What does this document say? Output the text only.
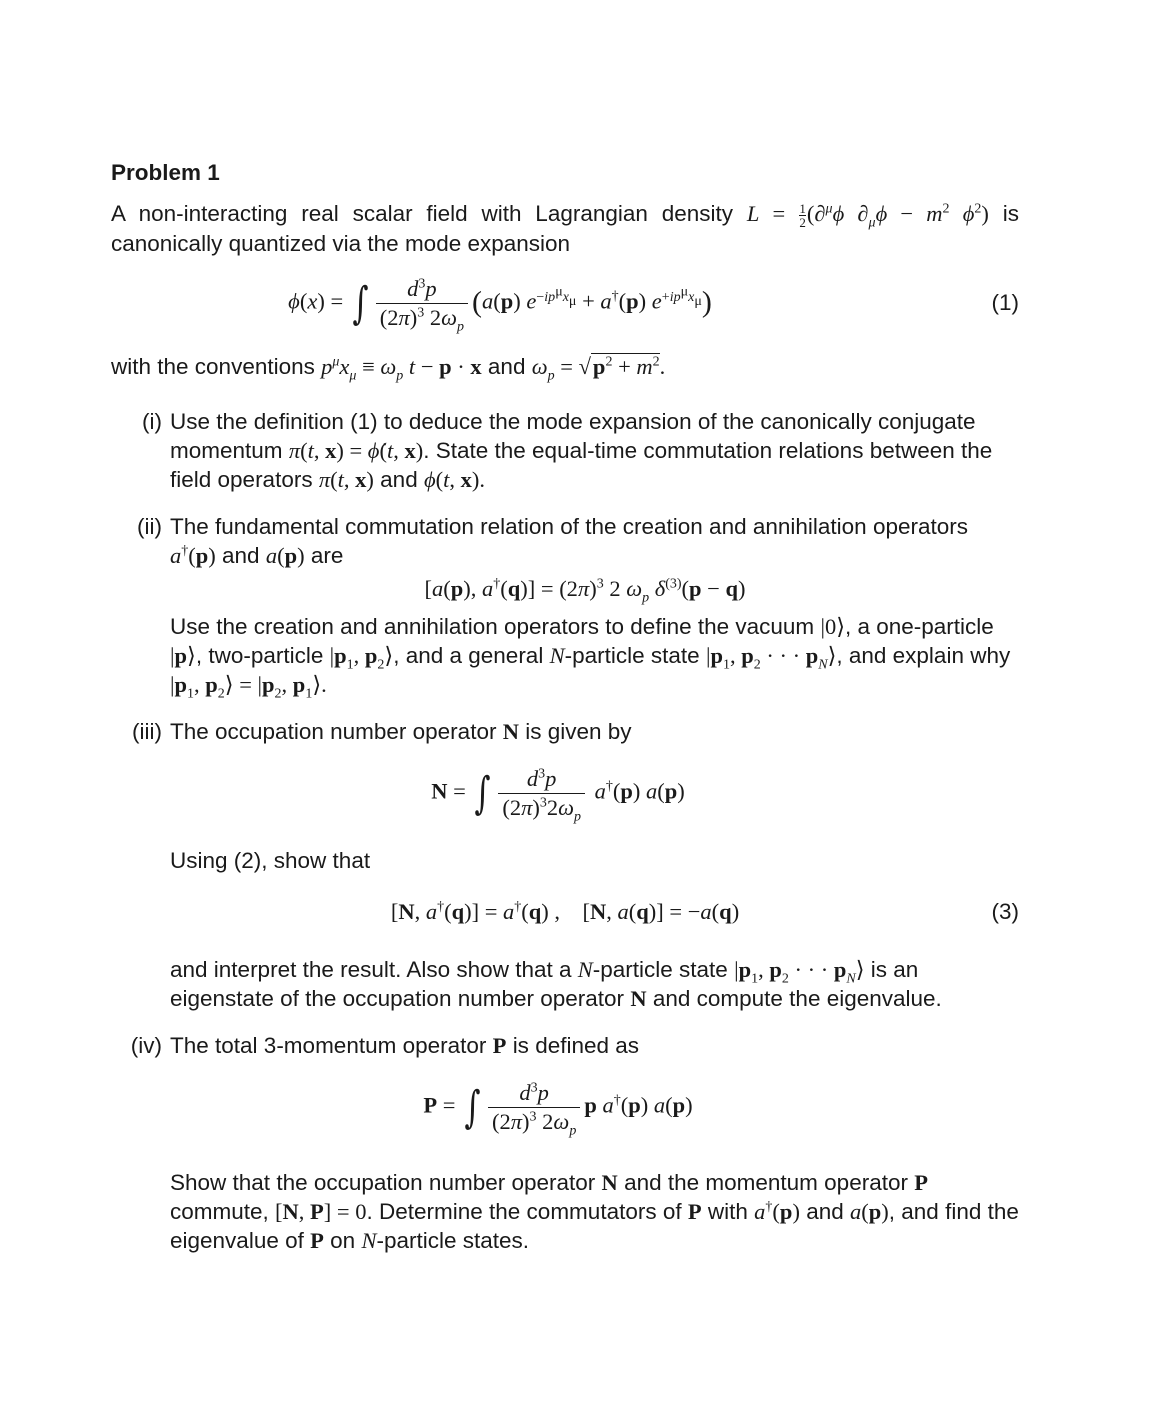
Problem 1

A non-interacting real scalar field with Lagrangian density $L = \frac{1}{2} (\partial^\mu\phi$ $\partial_\mu\phi - m^2$ $\phi^2$) is canonically quantized via the mode expansion

ϕ(x) = ∫ $\frac{d^3p}{(2\pi)^3 2\omega_p} (a(p) e^{-ip^\mu x_\mu} + a^\dagger(p)$ $e^{+ip^\mu x_\mu}$)	(1)

with the conventions $p^\mu x_\mu \equiv \omega_p$ t − p · x and $\omega_p = √p^2 + m^2$.

(i) Use the definition (1) to deduce the mode expansion of the canonically conjugate momentum π(t, x) = ϕ̇(t, x). State the equal-time commutation relations between the field operators π(t, x) and ϕ(t, x).

(ii) The fundamental commutation relation of the creation and annihilation operators a†(p) and a(p) are

[a(p), $a^\dagger(q)] = (2\pi)^3$ 2 $\omega_p$ $\delta^{(3)}(p - q)$

Use the creation and annihilation operators to define the vacuum |0⟩, a one-particle |p⟩, two-particle $|p_1$, $p_2⟩$, and a general N-particle state $|p_1$, $p_2$ · · · $p_N⟩$, and explain why $|p_1$, $p_2⟩ = |p_2$, $p_1⟩$.

(iii) The occupation number operator N is given by

N = ∫ $\frac{d^3p}{(2\pi)^32\omega_p} a^\dagger(p)$ a(p)

Using (2), show that

[N, a†(q)] = a†(q) ,    [N, a(q)] = −a(q)	(3)

and interpret the result. Also show that a N-particle state $|p_1$, $p_2$ · · · $p_N⟩$ is an eigenstate of the occupation number operator N and compute the eigenvalue.

(iv) The total 3-momentum operator P is defined as

P = ∫ $\frac{d^3p}{(2\pi)^3 2\omega_p}$ p a†(p) a(p)

Show that the occupation number operator N and the momentum operator P commute, [N, P] = 0. Determine the commutators of P with a†(p) and a(p), and find the eigenvalue of P on N-particle states.
